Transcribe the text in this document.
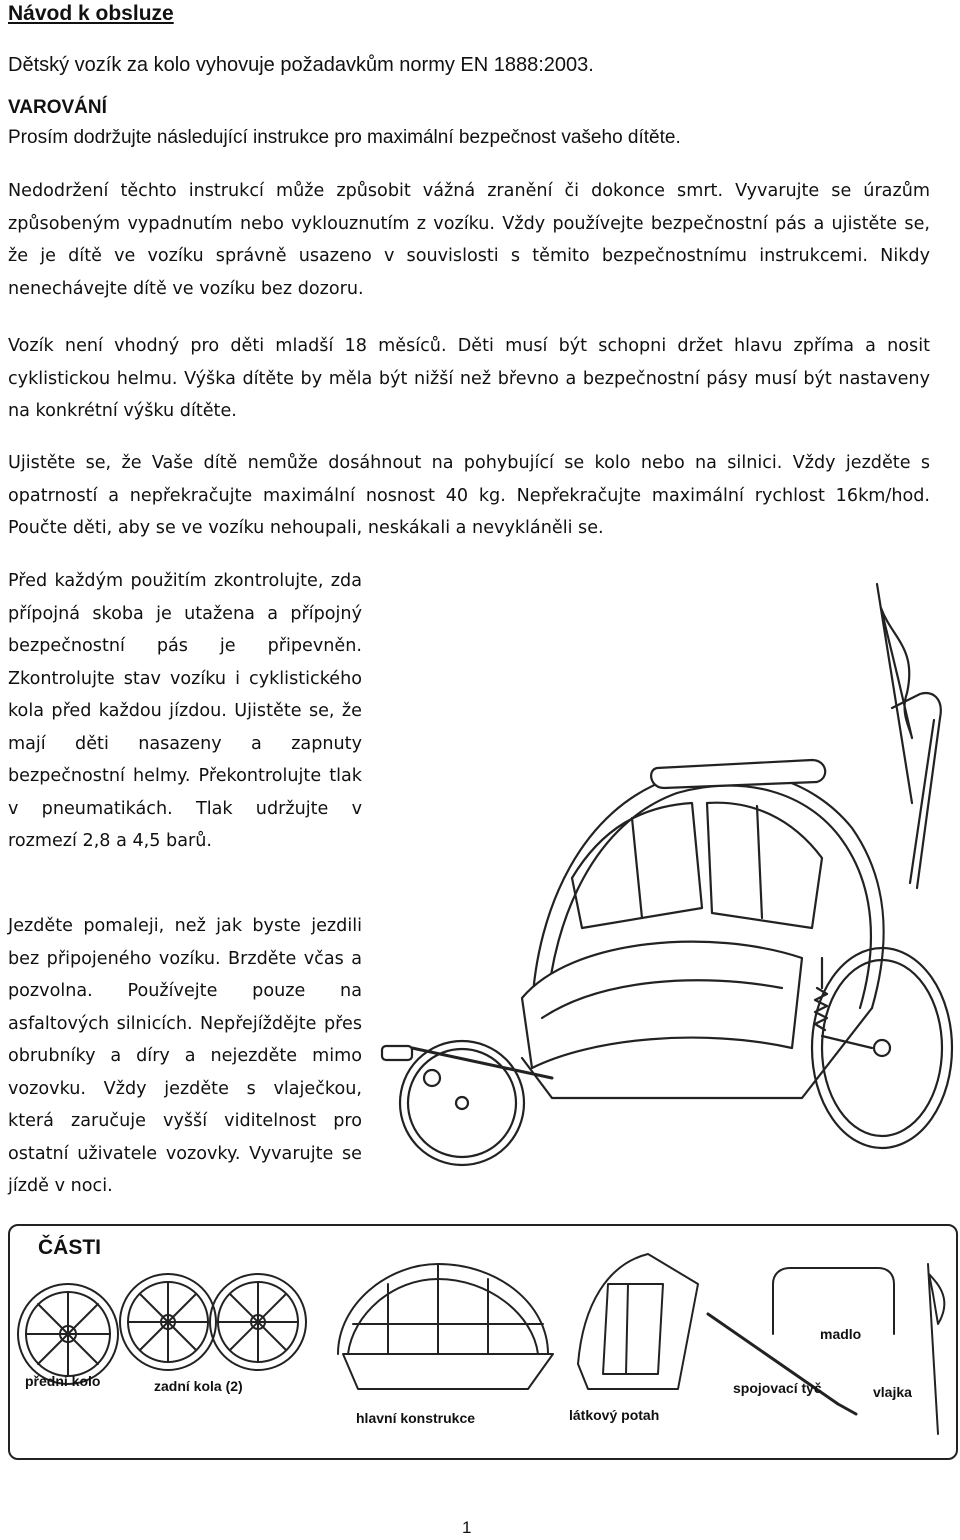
Návod k obsluze

Dětský vozík za kolo vyhovuje požadavkům normy EN 1888:2003.

VAROVÁNÍ

Prosím dodržujte následující instrukce pro maximální bezpečnost vašeho dítěte.

Nedodržení těchto instrukcí může způsobit vážná zranění či dokonce smrt. Vyvarujte se úrazům způsobeným vypadnutím nebo vyklouznutím z vozíku. Vždy používejte bezpečnostní pás a ujistěte se, že je dítě ve vozíku správně usazeno v souvislosti s těmito bezpečnostnímu instrukcemi. Nikdy nenechávejte dítě ve vozíku bez dozoru.

Vozík není vhodný pro děti mladší 18 měsíců. Děti musí být schopni držet hlavu zpříma a nosit cyklistickou helmu. Výška dítěte by měla být nižší než břevno a bezpečnostní pásy musí být nastaveny na konkrétní výšku dítěte.

Ujistěte se, že Vaše dítě nemůže dosáhnout na pohybující se kolo nebo na silnici. Vždy jezděte s opatrností a nepřekračujte maximální nosnost 40 kg. Nepřekračujte maximální rychlost 16km/hod. Poučte děti, aby se ve vozíku nehoupali, neskákali a nevykláněli se.

Před každým použitím zkontrolujte, zda přípojná skoba je utažena a přípojný bezpečnostní pás je připevněn. Zkontrolujte stav vozíku i cyklistického kola před každou jízdou. Ujistěte se, že mají děti nasazeny a zapnuty bezpečnostní helmy. Překontrolujte tlak v pneumatikách. Tlak udržujte v rozmezí 2,8 a 4,5 barů.

Jezděte pomaleji, než jak byste jezdili bez připojeného vozíku. Brzděte včas a pozvolna. Používejte pouze na asfaltových silnicích. Nepřejíždějte přes obrubníky a díry a nejezděte mimo vozovku. Vždy jezděte s vlaječkou, která zaručuje vyšší viditelnost pro ostatní uživatele vozovky. Vyvarujte se jízdě v noci.

ČÁSTI
přední kolo	zadní kola (2)
hlavní konstrukce	látkový potah
madlo
spojovací tyč	vlajka
1
